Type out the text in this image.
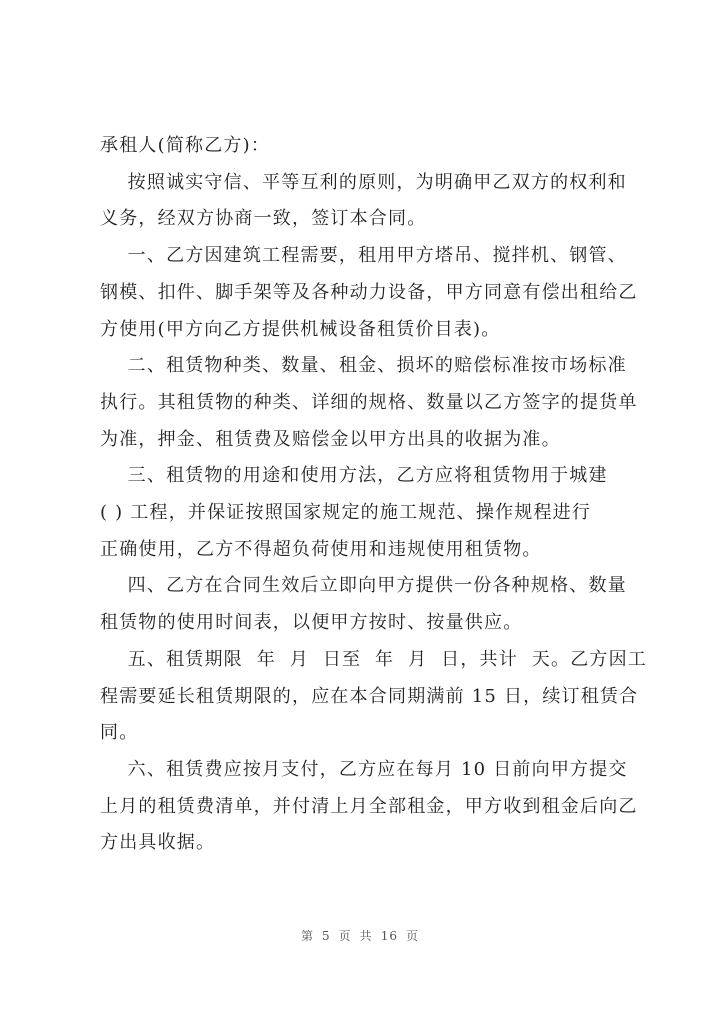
承租人(简称乙方)：

按照诚实守信、平等互利的原则，为明确甲乙双方的权利和

义务，经双方协商一致，签订本合同。

一、乙方因建筑工程需要，租用甲方塔吊、搅拌机、钢管、

钢模、扣件、脚手架等及各种动力设备，甲方同意有偿出租给乙

方使用(甲方向乙方提供机械设备租赁价目表)。

二、租赁物种类、数量、租金、损坏的赔偿标准按市场标准

执行。其租赁物的种类、详细的规格、数量以乙方签字的提货单

为准，押金、租赁费及赔偿金以甲方出具的收据为准。

三、租赁物的用途和使用方法，乙方应将租赁物用于城建

( ) 工程，并保证按照国家规定的施工规范、操作规程进行

正确使用，乙方不得超负荷使用和违规使用租赁物。

四、乙方在合同生效后立即向甲方提供一份各种规格、数量

租赁物的使用时间表，以便甲方按时、按量供应。

五、租赁期限  年  月  日至  年  月  日，共计  天。乙方因工

程需要延长租赁期限的，应在本合同期满前 15 日，续订租赁合

同。

六、租赁费应按月支付，乙方应在每月 10 日前向甲方提交

上月的租赁费清单，并付清上月全部租金，甲方收到租金后向乙

方出具收据。

第 5 页 共 16 页
